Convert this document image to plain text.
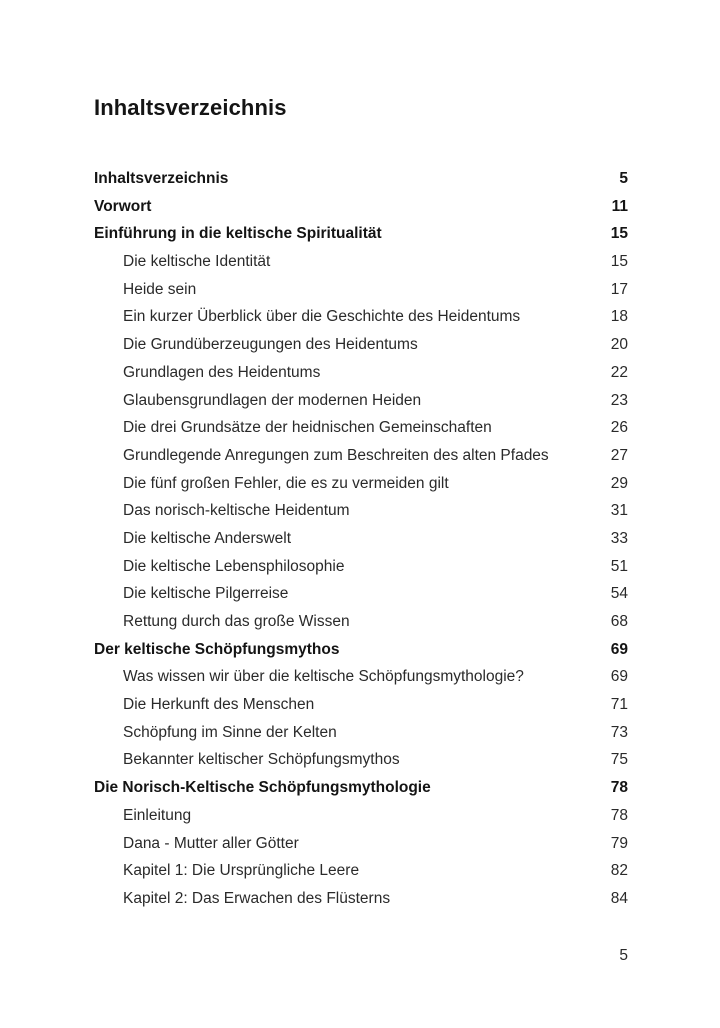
Inhaltsverzeichnis
Inhaltsverzeichnis	5
Vorwort	11
Einführung in die keltische Spiritualität	15
Die keltische Identität	15
Heide sein	17
Ein kurzer Überblick über die Geschichte des Heidentums	18
Die Grundüberzeugungen des Heidentums	20
Grundlagen des Heidentums	22
Glaubensgrundlagen der modernen Heiden	23
Die drei Grundsätze der heidnischen Gemeinschaften	26
Grundlegende Anregungen zum Beschreiten des alten Pfades	27
Die fünf großen Fehler, die es zu vermeiden gilt	29
Das norisch-keltische Heidentum	31
Die keltische Anderswelt	33
Die keltische Lebensphilosophie	51
Die keltische Pilgerreise	54
Rettung durch das große Wissen	68
Der keltische Schöpfungsmythos	69
Was wissen wir über die keltische Schöpfungsmythologie?	69
Die Herkunft des Menschen	71
Schöpfung im Sinne der Kelten	73
Bekannter keltischer Schöpfungsmythos	75
Die Norisch-Keltische Schöpfungsmythologie	78
Einleitung	78
Dana - Mutter aller Götter	79
Kapitel 1: Die Ursprüngliche Leere	82
Kapitel 2: Das Erwachen des Flüsterns	84
5
